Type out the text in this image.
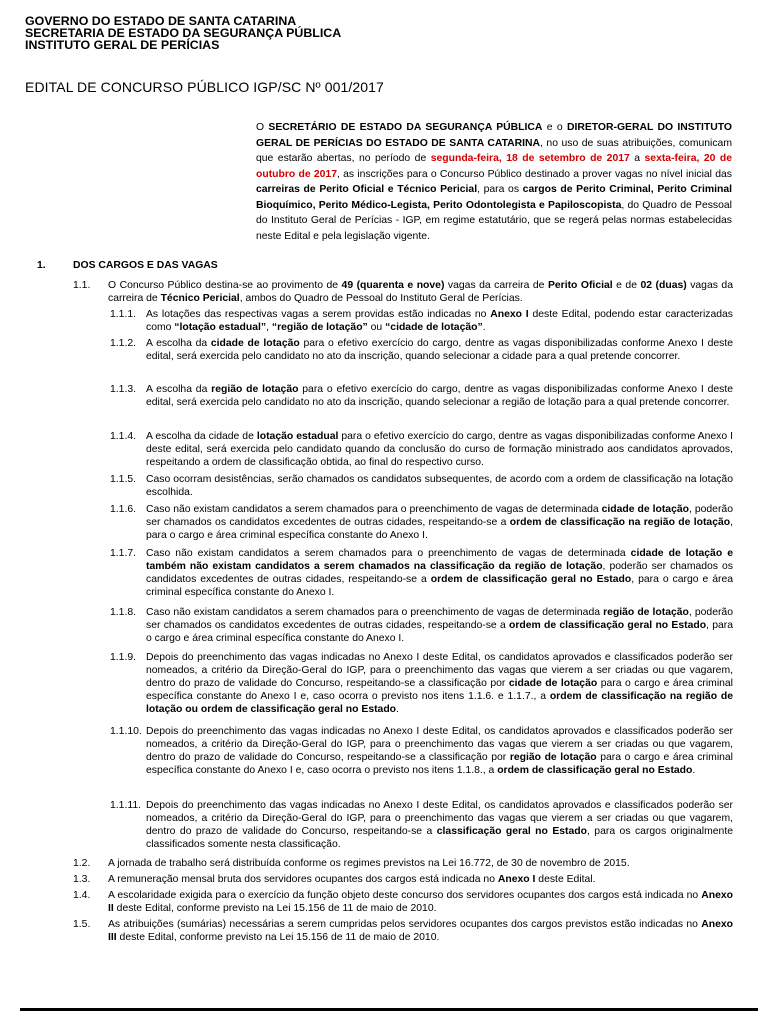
GOVERNO DO ESTADO DE SANTA CATARINA
SECRETARIA DE ESTADO DA SEGURANÇA PÚBLICA
INSTITUTO GERAL DE PERÍCIAS
EDITAL DE CONCURSO PÚBLICO IGP/SC Nº 001/2017
O SECRETÁRIO DE ESTADO DA SEGURANÇA PÚBLICA e o DIRETOR-GERAL DO INSTITUTO GERAL DE PERÍCIAS DO ESTADO DE SANTA CATARINA, no uso de suas atribuições, comunicam que estarão abertas, no período de segunda-feira, 18 de setembro de 2017 a sexta-feira, 20 de outubro de 2017, as inscrições para o Concurso Público destinado a prover vagas no nível inicial das carreiras de Perito Oficial e Técnico Pericial, para os cargos de Perito Criminal, Perito Criminal Bioquímico, Perito Médico-Legista, Perito Odontolegista e Papiloscopista, do Quadro de Pessoal do Instituto Geral de Perícias - IGP, em regime estatutário, que se regerá pelas normas estabelecidas neste Edital e pela legislação vigente.
1.	DOS CARGOS E DAS VAGAS
1.1. O Concurso Público destina-se ao provimento de 49 (quarenta e nove) vagas da carreira de Perito Oficial e de 02 (duas) vagas da carreira de Técnico Pericial, ambos do Quadro de Pessoal do Instituto Geral de Perícias.
1.1.1. As lotações das respectivas vagas a serem providas estão indicadas no Anexo I deste Edital, podendo estar caracterizadas como “lotação estadual”, “região de lotação” ou “cidade de lotação”.
1.1.2. A escolha da cidade de lotação para o efetivo exercício do cargo, dentre as vagas disponibilizadas conforme Anexo I deste edital, será exercida pelo candidato no ato da inscrição, quando selecionar a cidade para a qual pretende concorrer.
1.1.3. A escolha da região de lotação para o efetivo exercício do cargo, dentre as vagas disponibilizadas conforme Anexo I deste edital, será exercida pelo candidato no ato da inscrição, quando selecionar a região de lotação para a qual pretende concorrer.
1.1.4. A escolha da cidade de lotação estadual para o efetivo exercício do cargo, dentre as vagas disponibilizadas conforme Anexo I deste edital, será exercida pelo candidato quando da conclusão do curso de formação ministrado aos candidatos aprovados, respeitando a ordem de classificação obtida, ao final do respectivo curso.
1.1.5. Caso ocorram desistências, serão chamados os candidatos subsequentes, de acordo com a ordem de classificação na lotação escolhida.
1.1.6. Caso não existam candidatos a serem chamados para o preenchimento de vagas de determinada cidade de lotação, poderão ser chamados os candidatos excedentes de outras cidades, respeitando-se a ordem de classificação na região de lotação, para o cargo e área criminal específica constante do Anexo I.
1.1.7. Caso não existam candidatos a serem chamados para o preenchimento de vagas de determinada cidade de lotação e também não existam candidatos a serem chamados na classificação da região de lotação, poderão ser chamados os candidatos excedentes de outras cidades, respeitando-se a ordem de classificação geral no Estado, para o cargo e área criminal específica constante do Anexo I.
1.1.8. Caso não existam candidatos a serem chamados para o preenchimento de vagas de determinada região de lotação, poderão ser chamados os candidatos excedentes de outras cidades, respeitando-se a ordem de classificação geral no Estado, para o cargo e área criminal específica constante do Anexo I.
1.1.9. Depois do preenchimento das vagas indicadas no Anexo I deste Edital, os candidatos aprovados e classificados poderão ser nomeados, a critério da Direção-Geral do IGP, para o preenchimento das vagas que vierem a ser criadas ou que vagarem, dentro do prazo de validade do Concurso, respeitando-se a classificação por cidade de lotação para o cargo e área criminal específica constante do Anexo I e, caso ocorra o previsto nos itens 1.1.6. e 1.1.7., a ordem de classificação na região de lotação ou ordem de classificação geral no Estado.
1.1.10. Depois do preenchimento das vagas indicadas no Anexo I deste Edital, os candidatos aprovados e classificados poderão ser nomeados, a critério da Direção-Geral do IGP, para o preenchimento das vagas que vierem a ser criadas ou que vagarem, dentro do prazo de validade do Concurso, respeitando-se a classificação por região de lotação para o cargo e área criminal específica constante do Anexo I e, caso ocorra o previsto nos itens 1.1.8., a ordem de classificação geral no Estado.
1.1.11. Depois do preenchimento das vagas indicadas no Anexo I deste Edital, os candidatos aprovados e classificados poderão ser nomeados, a critério da Direção-Geral do IGP, para o preenchimento das vagas que vierem a ser criadas ou que vagarem, dentro do prazo de validade do Concurso, respeitando-se a classificação geral no Estado, para os cargos originalmente classificados somente nesta classificação.
1.2. A jornada de trabalho será distribuída conforme os regimes previstos na Lei 16.772, de 30 de novembro de 2015.
1.3. A remuneração mensal bruta dos servidores ocupantes dos cargos está indicada no Anexo I deste Edital.
1.4. A escolaridade exigida para o exercício da função objeto deste concurso dos servidores ocupantes dos cargos está indicada no Anexo II deste Edital, conforme previsto na Lei 15.156 de 11 de maio de 2010.
1.5. As atribuições (sumárias) necessárias a serem cumpridas pelos servidores ocupantes dos cargos previstos estão indicadas no Anexo III deste Edital, conforme previsto na Lei 15.156 de 11 de maio de 2010.
